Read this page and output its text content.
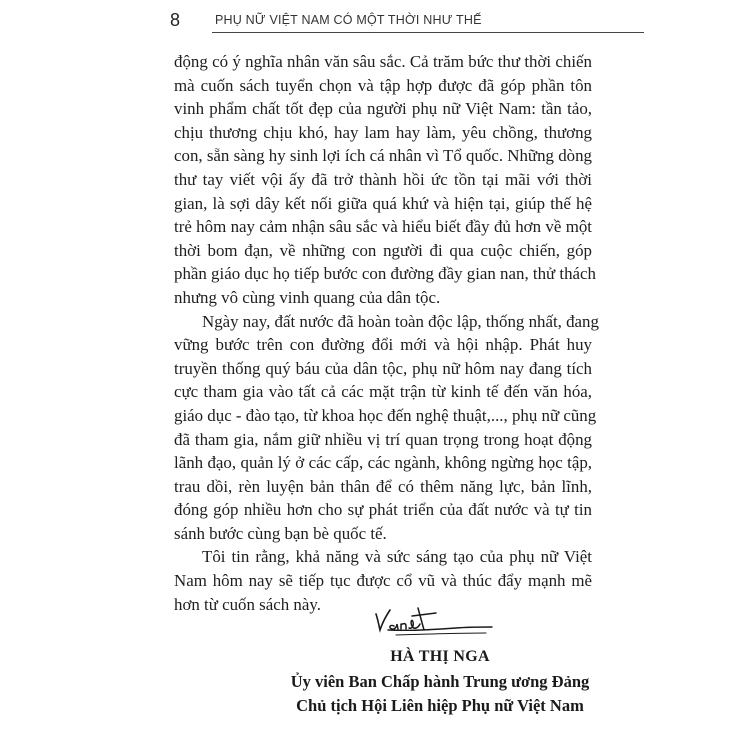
8	PHỤ NỮ VIỆT NAM CÓ MỘT THỜI NHƯ THẾ
động có ý nghĩa nhân văn sâu sắc. Cả trăm bức thư thời chiến
mà cuốn sách tuyển chọn và tập hợp được đã góp phần tôn
vinh phẩm chất tốt đẹp của người phụ nữ Việt Nam: tần tảo,
chịu thương chịu khó, hay lam hay làm, yêu chồng, thương
con, sẵn sàng hy sinh lợi ích cá nhân vì Tổ quốc. Những dòng
thư tay viết vội ấy đã trở thành hồi ức tồn tại mãi với thời
gian, là sợi dây kết nối giữa quá khứ và hiện tại, giúp thế hệ
trẻ hôm nay cảm nhận sâu sắc và hiểu biết đầy đủ hơn về một
thời bom đạn, về những con người đi qua cuộc chiến, góp
phần giáo dục họ tiếp bước con đường đầy gian nan, thử thách
nhưng vô cùng vinh quang của dân tộc.
Ngày nay, đất nước đã hoàn toàn độc lập, thống nhất, đang
vững bước trên con đường đổi mới và hội nhập. Phát huy
truyền thống quý báu của dân tộc, phụ nữ hôm nay đang tích
cực tham gia vào tất cả các mặt trận từ kinh tế đến văn hóa,
giáo dục - đào tạo, từ khoa học đến nghệ thuật,..., phụ nữ cũng
đã tham gia, nắm giữ nhiều vị trí quan trọng trong hoạt động
lãnh đạo, quản lý ở các cấp, các ngành, không ngừng học tập,
trau dồi, rèn luyện bản thân để có thêm năng lực, bản lĩnh,
đóng góp nhiều hơn cho sự phát triển của đất nước và tự tin
sánh bước cùng bạn bè quốc tế.
Tôi tin rằng, khả năng và sức sáng tạo của phụ nữ Việt
Nam hôm nay sẽ tiếp tục được cổ vũ và thúc đẩy mạnh mẽ
hơn từ cuốn sách này.
HÀ THỊ NGA
Ủy viên Ban Chấp hành Trung ương Đảng
Chủ tịch Hội Liên hiệp Phụ nữ Việt Nam
